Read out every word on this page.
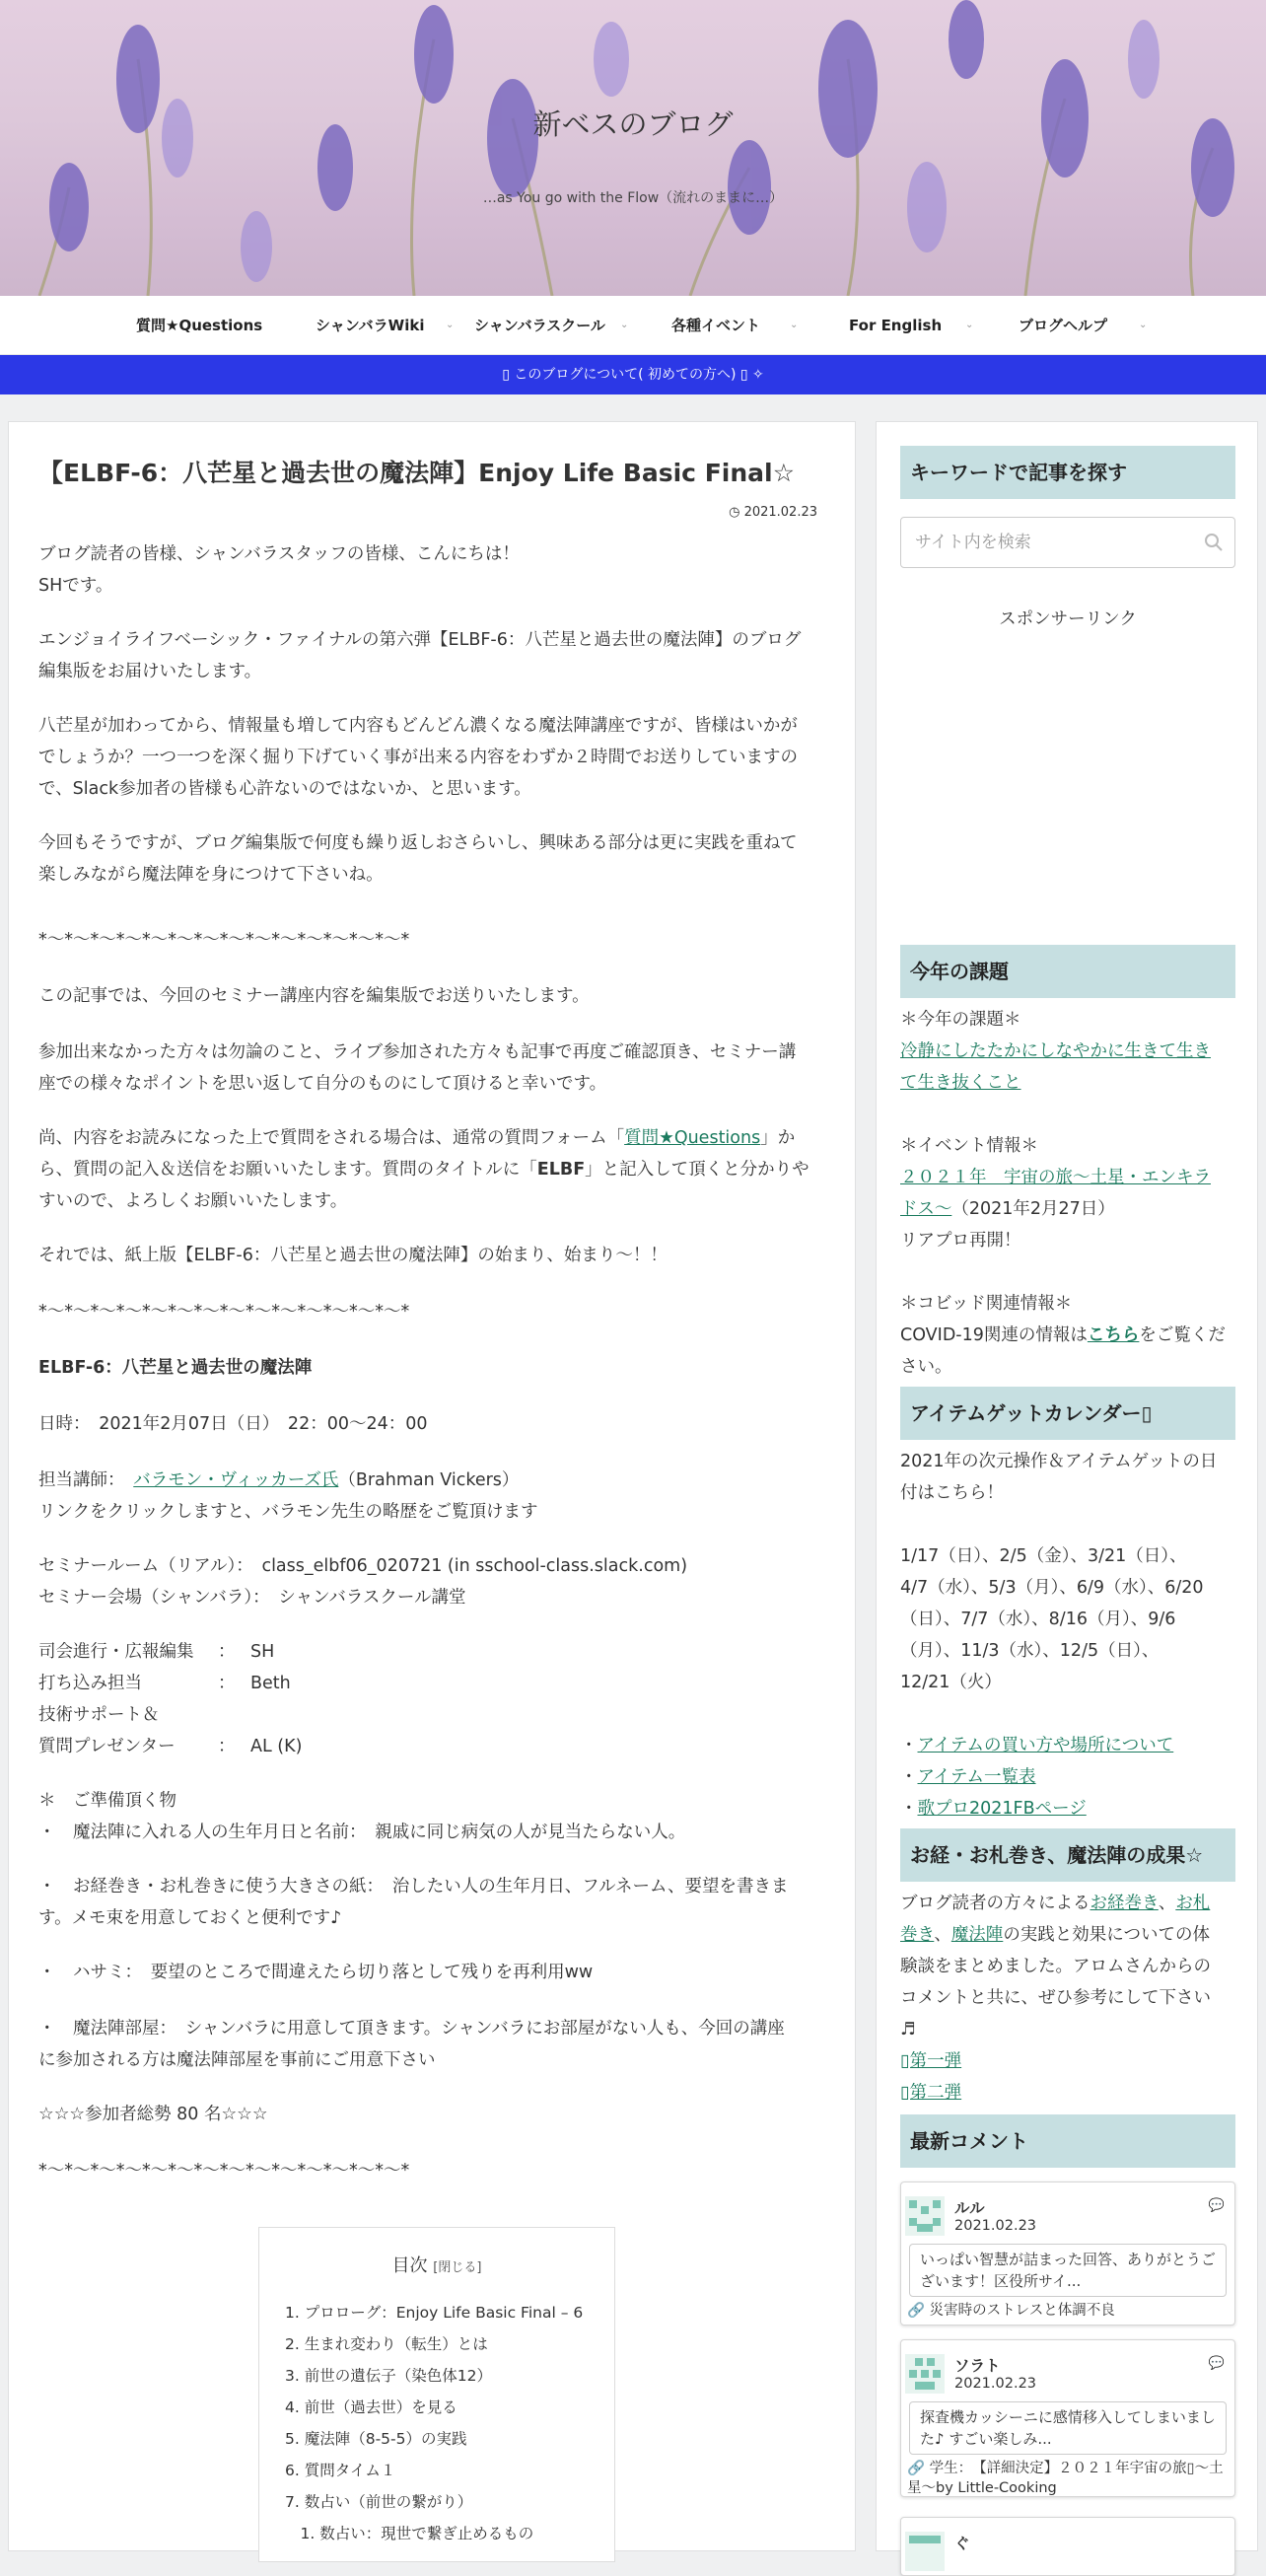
新ベスのブログ
…as You go with the Flow（流れのままに…）
質問★Questions	シャンバラWiki ⌄ シャンバラスクール ⌄	各種イベント	⌄	For English ⌄	ブログヘルプ	⌄
▯ このブログについて( 初めての方へ) ▯ ✧
【ELBF-6：八芒星と過去世の魔法陣】Enjoy Life Basic Final☆
◷ 2021.02.23
ブログ読者の皆様、シャンバラスタッフの皆様、こんにちは！
SHです。
エンジョイライフベーシック・ファイナルの第六弾【ELBF-6：八芒星と過去世の魔法陣】のブログ
編集版をお届けいたします。
八芒星が加わってから、情報量も増して内容もどんどん濃くなる魔法陣講座ですが、皆様はいかが
でしょうか？一つ一つを深く掘り下げていく事が出来る内容をわずか２時間でお送りしていますの
で、Slack参加者の皆様も心許ないのではないか、と思います。
今回もそうですが、ブログ編集版で何度も繰り返しおさらいし、興味ある部分は更に実践を重ねて
楽しみながら魔法陣を身につけて下さいね。
*〜*〜*〜*〜*〜*〜*〜*〜*〜*〜*〜*〜*〜*〜*
この記事では、今回のセミナー講座内容を編集版でお送りいたします。
参加出来なかった方々は勿論のこと、ライブ参加された方々も記事で再度ご確認頂き、セミナー講
座での様々なポイントを思い返して自分のものにして頂けると幸いです。
尚、内容をお読みになった上で質問をされる場合は、通常の質問フォーム「質問★Questions」か
ら、質問の記入＆送信をお願いいたします。質問のタイトルに「ELBF」と記入して頂くと分かりや
すいので、よろしくお願いいたします。
それでは、紙上版【ELBF-6：八芒星と過去世の魔法陣】の始まり、始まり〜！！
*〜*〜*〜*〜*〜*〜*〜*〜*〜*〜*〜*〜*〜*〜*
ELBF-6：八芒星と過去世の魔法陣
日時：　2021年2月07日（日）　22：00〜24：00
担当講師：　バラモン・ヴィッカーズ氏（Brahman Vickers）
リンクをクリックしますと、バラモン先生の略歴をご覧頂けます
セミナールーム（リアル）：　class_elbf06_020721 (in sschool-class.slack.com)
セミナー会場（シャンバラ）：　シャンバラスクール講堂
司会進行・広報編集 ： SH
打ち込み担当	： Beth
技術サポート＆
質問プレゼンター ： AL (K)
＊　ご準備頂く物
・　魔法陣に入れる人の生年月日と名前：　親戚に同じ病気の人が見当たらない人。
・　お経巻き・お札巻きに使う大きさの紙：　治したい人の生年月日、フルネーム、要望を書きま
す。メモ束を用意しておくと便利です♪
・　ハサミ：　要望のところで間違えたら切り落として残りを再利用ww
・　魔法陣部屋：　シャンバラに用意して頂きます。シャンバラにお部屋がない人も、今回の講座
に参加される方は魔法陣部屋を事前にご用意下さい
☆☆☆参加者総勢 80 名☆☆☆
*〜*〜*〜*〜*〜*〜*〜*〜*〜*〜*〜*〜*〜*〜*
目次 [閉じる]
1. プロローグ：Enjoy Life Basic Final – 6
2. 生まれ変わり（転生）とは
3. 前世の遺伝子（染色体12）
4. 前世（過去世）を見る
5. 魔法陣（8-5-5）の実践
6. 質問タイム１
7. 数占い（前世の繋がり）
　1. 数占い：現世で繋ぎ止めるもの
キーワードで記事を探す
サイト内を検索
スポンサーリンク
今年の課題
＊今年の課題＊
冷静にしたたかにしなやかに生きて生き
て生き抜くこと
＊イベント情報＊
２０２１年　宇宙の旅〜土星・エンキラ
ドス〜（2021年2月27日）
リアプロ再開！
＊コビッド関連情報＊
COVID-19関連の情報はこちらをご覧くだ
さい。
アイテムゲットカレンダー▯
2021年の次元操作＆アイテムゲットの日
付はこちら！
1/17（日）、2/5（金）、3/21（日）、
4/7（水）、5/3（月）、6/9（水）、6/20
（日）、7/7（水）、8/16（月）、9/6
（月）、11/3（水）、12/5（日）、
12/21（火）
・アイテムの買い方や場所について
・アイテム一覧表
・歌プロ2021FBページ
お経・お札巻き、魔法陣の成果☆
ブログ読者の方々によるお経巻き、お札
巻き、魔法陣の実践と効果についての体
験談をまとめました。アロムさんからの
コメントと共に、ぜひ参考にして下さい
♬
▯第一弾
▯第二弾
最新コメント
ルル
2021.02.23
💬
いっぱい智慧が詰まった回答、ありがとうございます！区役所サイ...
🔗 災害時のストレスと体調不良
ソラト
2021.02.23
💬
探査機カッシーニに感情移入してしまいました♪ すごい楽しみ...
🔗 学生：　【詳細決定】２０２１年宇宙の旅▯〜土星〜by Little-Cooking
ぐ
